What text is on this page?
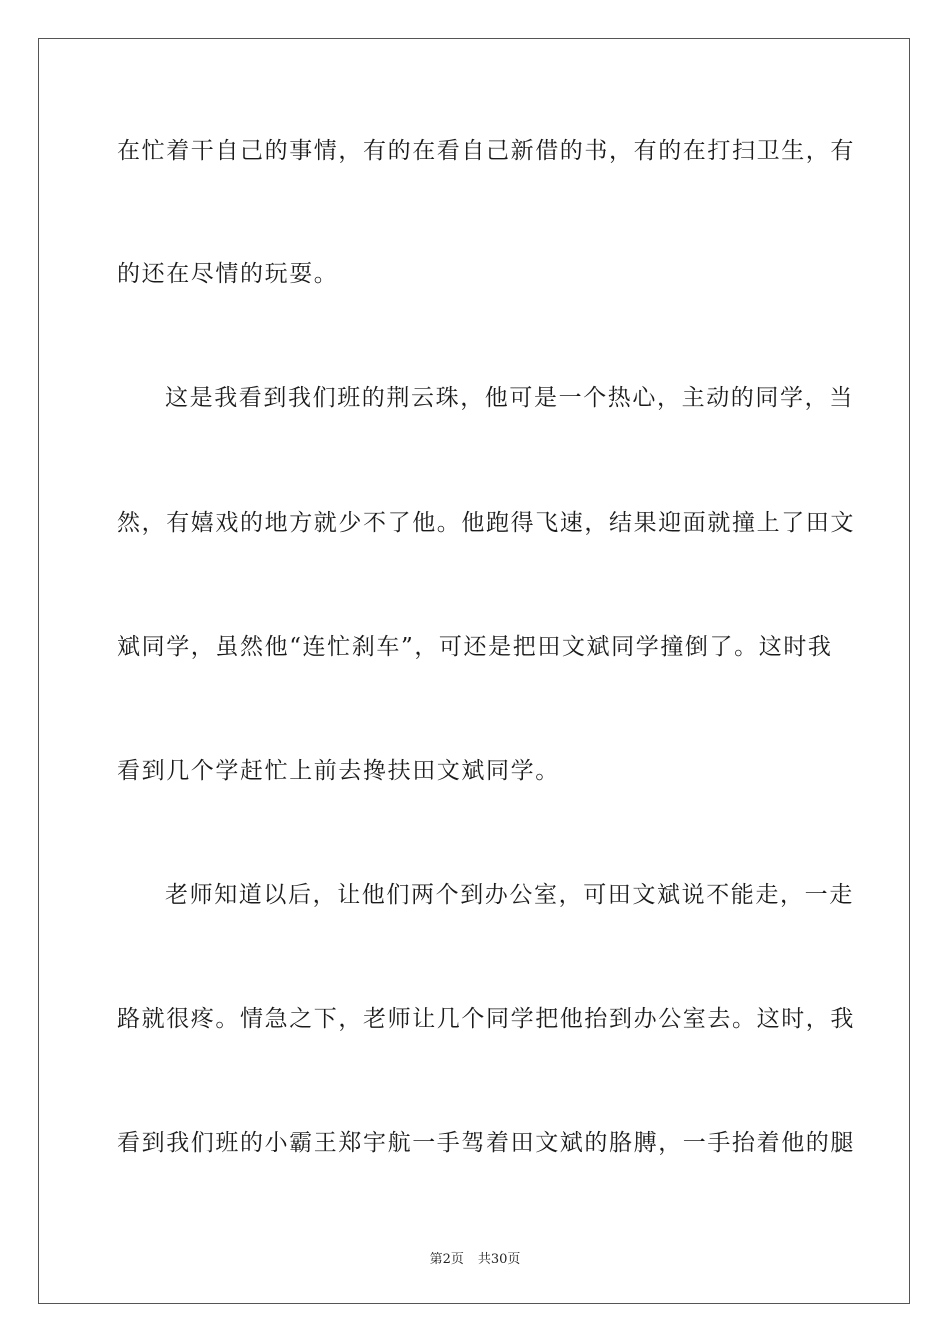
在忙着干自己的事情，有的在看自己新借的书，有的在打扫卫生，有
的还在尽情的玩耍。
这是我看到我们班的荆云珠，他可是一个热心，主动的同学，当
然，有嬉戏的地方就少不了他。他跑得飞速，结果迎面就撞上了田文
斌同学，虽然他“连忙刹车”，可还是把田文斌同学撞倒了。这时我
看到几个学赶忙上前去搀扶田文斌同学。
老师知道以后，让他们两个到办公室，可田文斌说不能走，一走
路就很疼。情急之下，老师让几个同学把他抬到办公室去。这时，我
看到我们班的小霸王郑宇航一手驾着田文斌的胳膊，一手抬着他的腿
第2页 共30页
